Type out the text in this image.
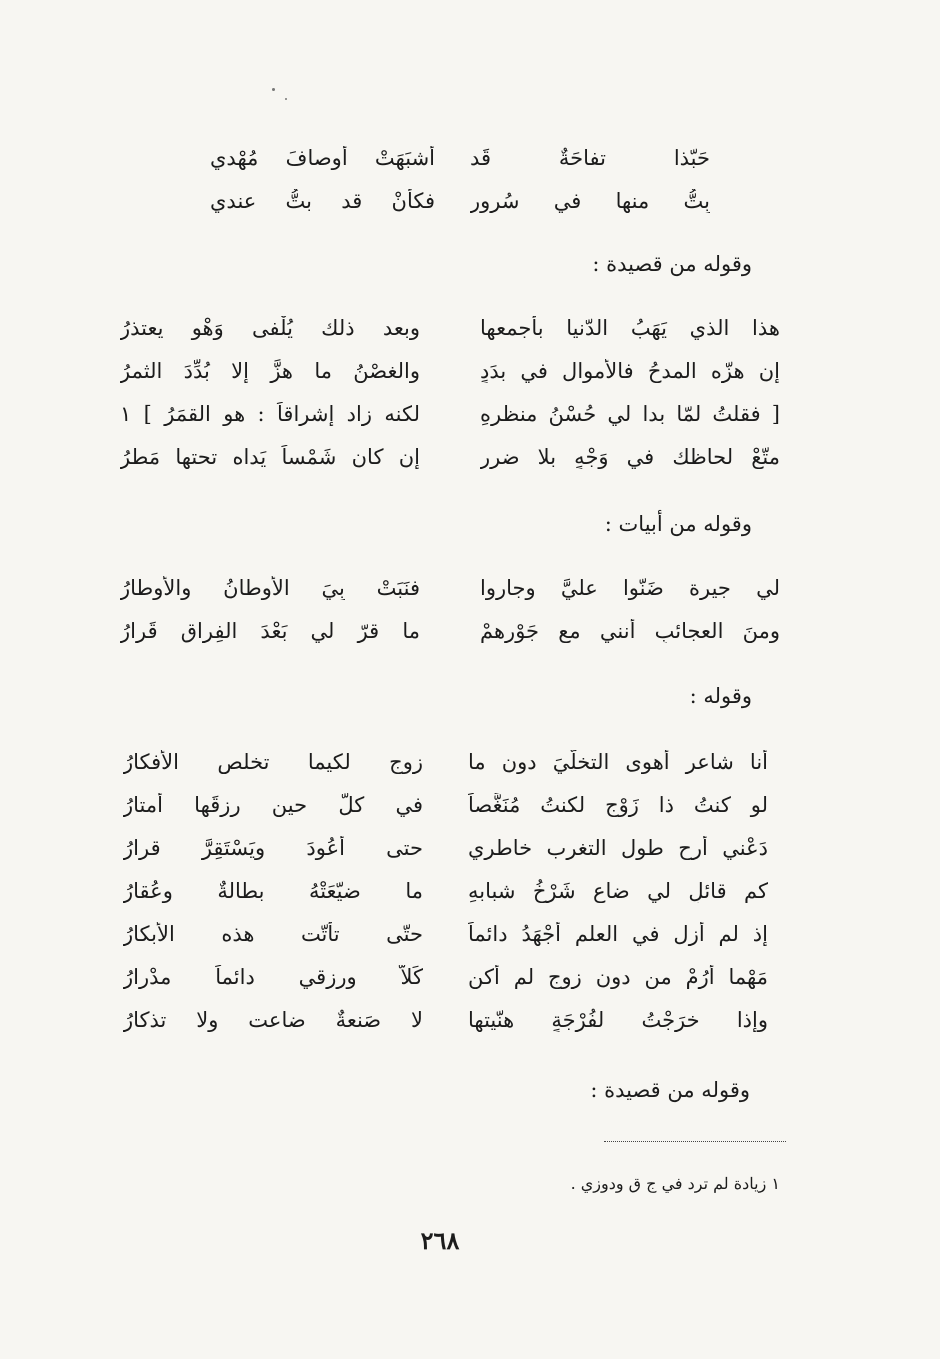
حَبّذا تفاحَةٌ قَد
أشبَهَتْ أوصافَ مُهْدي
بِتُّ منها في سُرورٍ
فكأنْ قد بتُّ عندي
وقوله من قصيدة :
هذا الذي يَهَبُ الدّنيا بأجمعها
وبعد ذلك يُلْفى وَهْو يعتذرُ
إن هزّه المدحُ فالأموال في بدَدٍ
والغصْنُ ما هزَّ إلا بُدِّدَ الثمرُ
[ فقلتُ لمّا بدا لي حُسْنُ منظرهِ
لكنه زاد إشراقاً : هو القمَرُ ] ١
متّعْ لحاظك في وَجْهٍ بلا ضرر
إن كان شَمْساً يَداه تحتها مَطرُ
وقوله من أبيات :
لي جيرة ضَنّوا عليَّ وجاروا
فنَبَتْ بِيَ الأوطانُ والأوطارُ
ومنَ العجائبِ أنني مع جَوْرِهمْ
ما قرّ لي بَعْدَ الفِراق قَرارُ
وقوله :
أنا شاعر أهوى التخلّيَ دون ما
زوج لكيما تخلص الأفكارُ
لو كنتُ ذا زَوْج لكنتُ مُنَغَّصاً
في كلّ حينٍ رزقَها أمتارُ
دَعْني أُرِح طول التغرب خاطري
حتى أعُودَ ويَسْتَقِرَّ قرارُ
كم قائلٍ لي ضاع شَرْخُ شبابهِ
ما ضيّعَتْهُ بطالةٌ وعُقارُ
إذ لم أزل في العلم أجْهَدُ دائماً
حتّى تأتّت هذه الأبكارُ
مَهْما أرُمْ من دون زوج لم أكن
كَلاًّ ورزقي دائماً مدْرارُ
وإذا خرَجْتُ لفُرْجَةٍ هنّيتها
لا صَنعةٌ ضاعت ولا تذكارُ
وقوله من قصيدة :
١ زيادة لم ترد في ج ق ودوزي .
٢٦٨
